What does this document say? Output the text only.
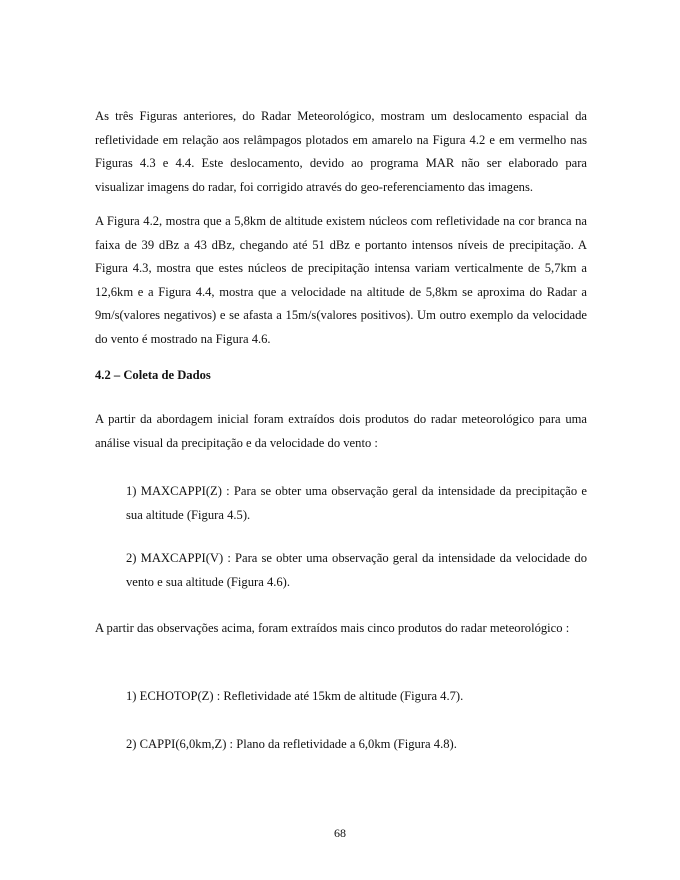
As três Figuras anteriores, do Radar Meteorológico, mostram um deslocamento espacial da refletividade em relação aos relâmpagos plotados em amarelo na Figura 4.2 e em vermelho nas Figuras 4.3 e 4.4. Este deslocamento, devido ao programa MAR não ser elaborado para visualizar imagens do radar, foi corrigido através do geo-referenciamento das imagens.

A Figura 4.2, mostra que a 5,8km de altitude existem núcleos com refletividade na cor branca na faixa de 39 dBz a 43 dBz, chegando até 51 dBz e portanto intensos níveis de precipitação. A Figura 4.3, mostra que estes núcleos de precipitação intensa variam verticalmente de 5,7km a 12,6km e a Figura 4.4, mostra que a velocidade na altitude de 5,8km se aproxima do Radar a 9m/s(valores negativos) e se afasta a 15m/s(valores positivos). Um outro exemplo da velocidade do vento é mostrado na Figura 4.6.

4.2 – Coleta de Dados

A partir da abordagem inicial foram extraídos dois produtos do radar meteorológico para uma análise visual da precipitação e da velocidade do vento :

1) MAXCAPPI(Z) : Para se obter uma observação geral da intensidade da precipitação e sua altitude (Figura 4.5).

2) MAXCAPPI(V) : Para se obter uma observação geral da intensidade da velocidade do vento e sua altitude (Figura 4.6).

A partir das observações acima, foram extraídos mais cinco produtos do radar meteorológico :

1) ECHOTOP(Z) : Refletividade até 15km de altitude (Figura 4.7).

2) CAPPI(6,0km,Z) : Plano da refletividade a 6,0km (Figura 4.8).

68
